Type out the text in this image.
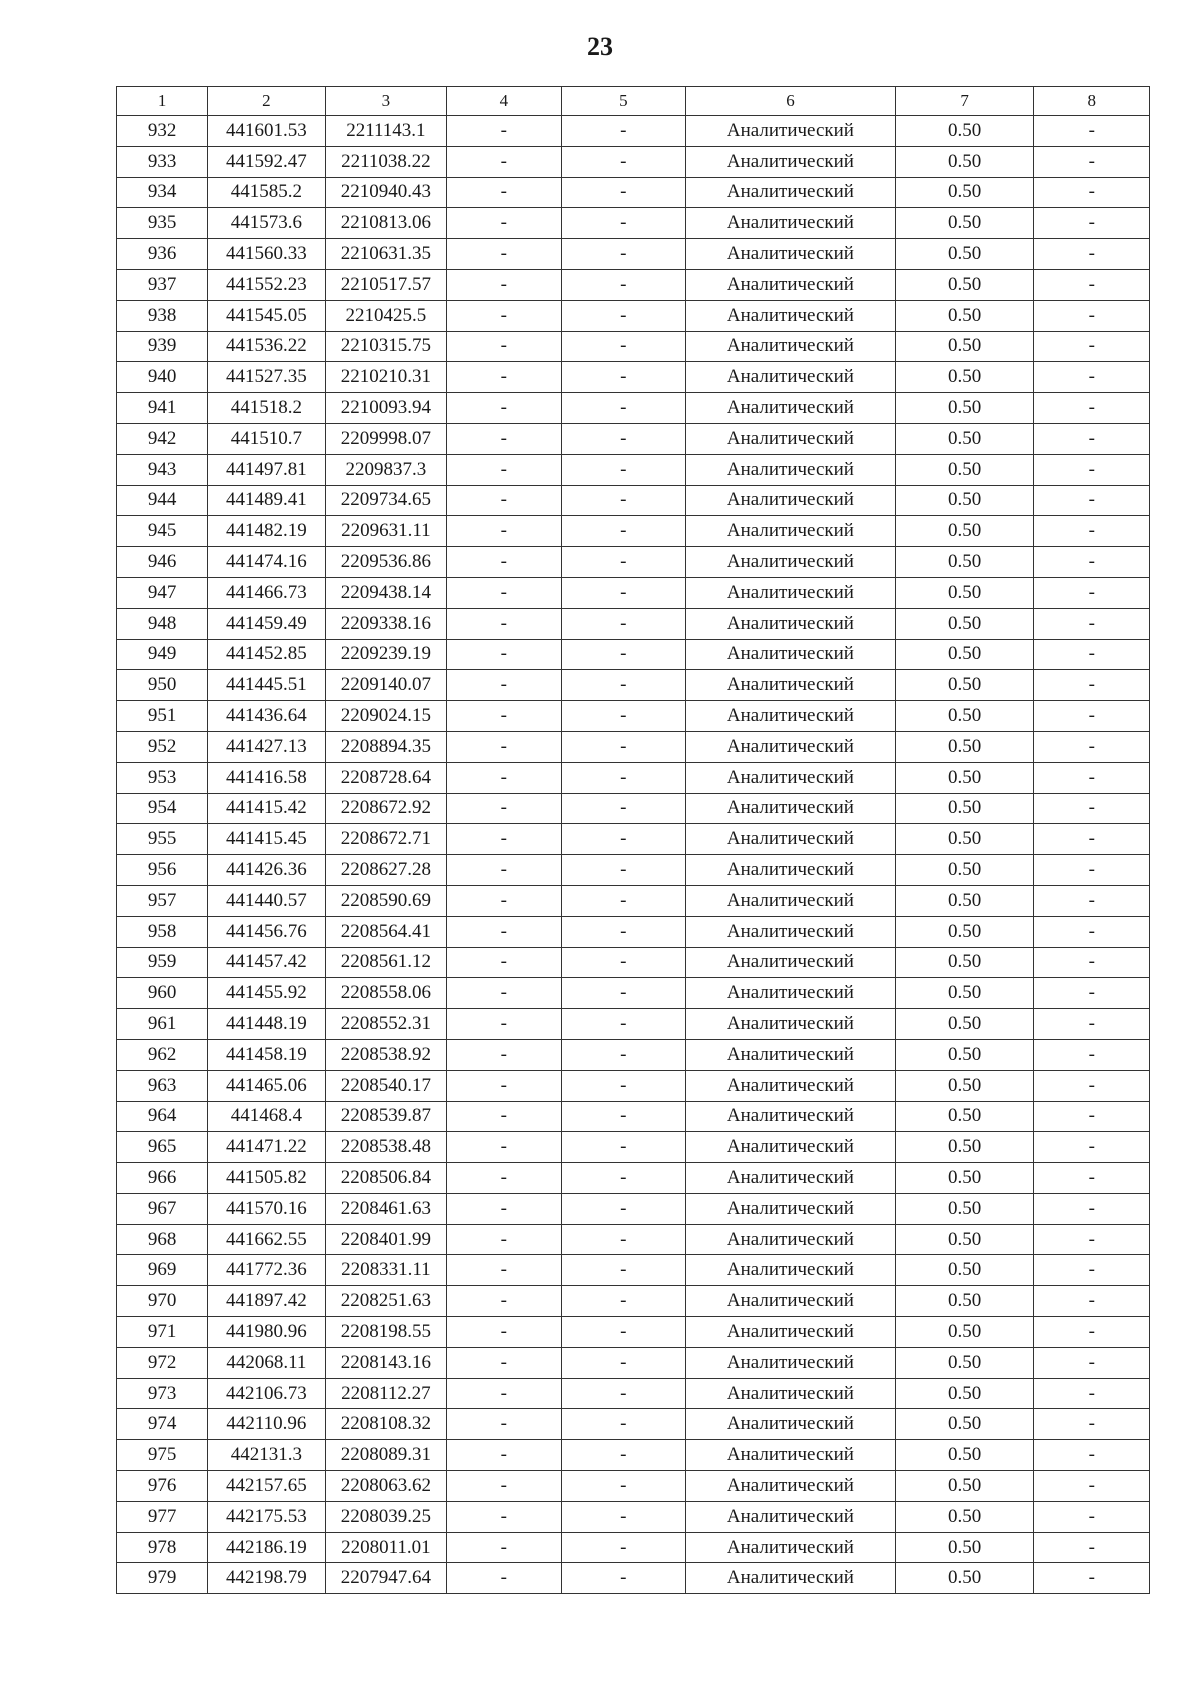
23
1	2	3	4	5	6	7	8
932	441601.53	2211143.1	-	-	Аналитический	0.50	-
933	441592.47	2211038.22	-	-	Аналитический	0.50	-
934	441585.2	2210940.43	-	-	Аналитический	0.50	-
935	441573.6	2210813.06	-	-	Аналитический	0.50	-
936	441560.33	2210631.35	-	-	Аналитический	0.50	-
937	441552.23	2210517.57	-	-	Аналитический	0.50	-
938	441545.05	2210425.5	-	-	Аналитический	0.50	-
939	441536.22	2210315.75	-	-	Аналитический	0.50	-
940	441527.35	2210210.31	-	-	Аналитический	0.50	-
941	441518.2	2210093.94	-	-	Аналитический	0.50	-
942	441510.7	2209998.07	-	-	Аналитический	0.50	-
943	441497.81	2209837.3	-	-	Аналитический	0.50	-
944	441489.41	2209734.65	-	-	Аналитический	0.50	-
945	441482.19	2209631.11	-	-	Аналитический	0.50	-
946	441474.16	2209536.86	-	-	Аналитический	0.50	-
947	441466.73	2209438.14	-	-	Аналитический	0.50	-
948	441459.49	2209338.16	-	-	Аналитический	0.50	-
949	441452.85	2209239.19	-	-	Аналитический	0.50	-
950	441445.51	2209140.07	-	-	Аналитический	0.50	-
951	441436.64	2209024.15	-	-	Аналитический	0.50	-
952	441427.13	2208894.35	-	-	Аналитический	0.50	-
953	441416.58	2208728.64	-	-	Аналитический	0.50	-
954	441415.42	2208672.92	-	-	Аналитический	0.50	-
955	441415.45	2208672.71	-	-	Аналитический	0.50	-
956	441426.36	2208627.28	-	-	Аналитический	0.50	-
957	441440.57	2208590.69	-	-	Аналитический	0.50	-
958	441456.76	2208564.41	-	-	Аналитический	0.50	-
959	441457.42	2208561.12	-	-	Аналитический	0.50	-
960	441455.92	2208558.06	-	-	Аналитический	0.50	-
961	441448.19	2208552.31	-	-	Аналитический	0.50	-
962	441458.19	2208538.92	-	-	Аналитический	0.50	-
963	441465.06	2208540.17	-	-	Аналитический	0.50	-
964	441468.4	2208539.87	-	-	Аналитический	0.50	-
965	441471.22	2208538.48	-	-	Аналитический	0.50	-
966	441505.82	2208506.84	-	-	Аналитический	0.50	-
967	441570.16	2208461.63	-	-	Аналитический	0.50	-
968	441662.55	2208401.99	-	-	Аналитический	0.50	-
969	441772.36	2208331.11	-	-	Аналитический	0.50	-
970	441897.42	2208251.63	-	-	Аналитический	0.50	-
971	441980.96	2208198.55	-	-	Аналитический	0.50	-
972	442068.11	2208143.16	-	-	Аналитический	0.50	-
973	442106.73	2208112.27	-	-	Аналитический	0.50	-
974	442110.96	2208108.32	-	-	Аналитический	0.50	-
975	442131.3	2208089.31	-	-	Аналитический	0.50	-
976	442157.65	2208063.62	-	-	Аналитический	0.50	-
977	442175.53	2208039.25	-	-	Аналитический	0.50	-
978	442186.19	2208011.01	-	-	Аналитический	0.50	-
979	442198.79	2207947.64	-	-	Аналитический	0.50	-
